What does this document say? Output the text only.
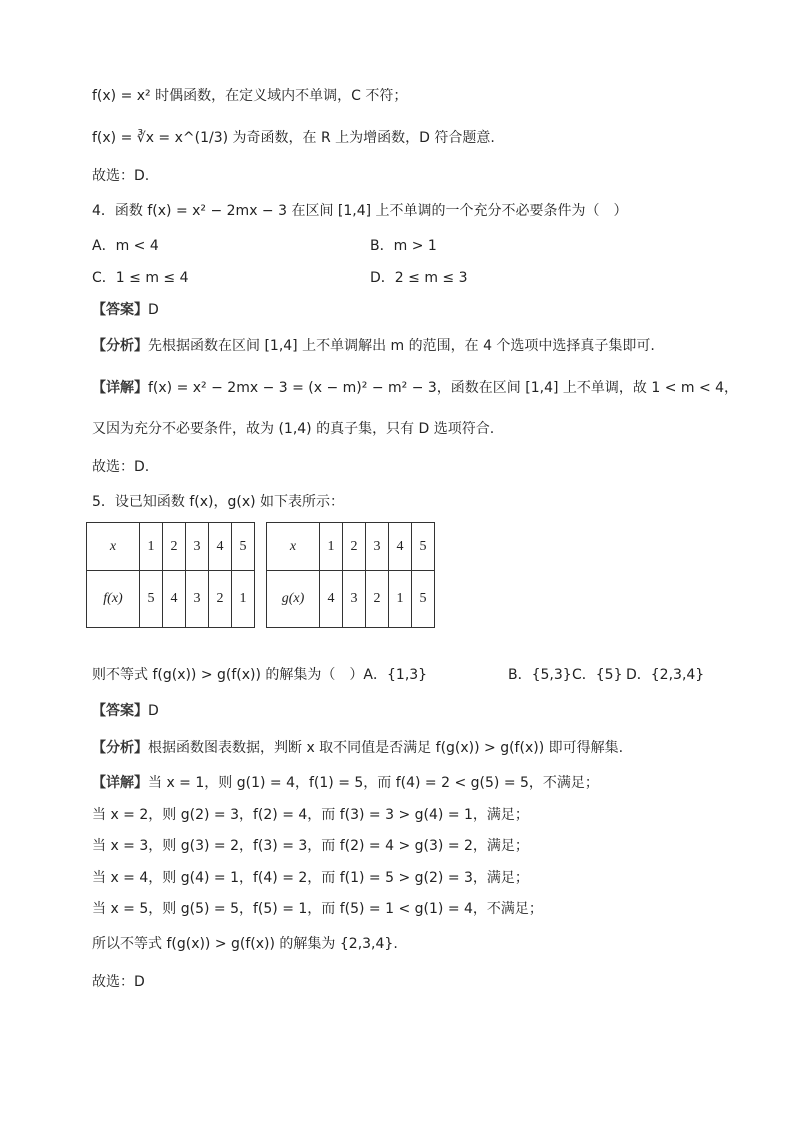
f(x) = x² 时偶函数，在定义域内不单调，C 不符；
f(x) = ∛x = x^(1/3) 为奇函数，在 R 上为增函数，D 符合题意.
故选：D.
4．函数 f(x) = x² − 2mx − 3 在区间 [1,4] 上不单调的一个充分不必要条件为（　）
A．m < 4	B．m > 1
C．1 ≤ m ≤ 4	D．2 ≤ m ≤ 3
【答案】D
【分析】先根据函数在区间 [1,4] 上不单调解出 m 的范围，在 4 个选项中选择真子集即可.
【详解】f(x) = x² − 2mx − 3 = (x − m)² − m² − 3，函数在区间 [1,4] 上不单调，故 1 < m < 4，
又因为充分不必要条件，故为 (1,4) 的真子集，只有 D 选项符合.
故选：D.
5．设已知函数 f(x)，g(x) 如下表所示：
x	1	2	3	4	5
f(x)	5	4	3	2	1
x	1	2	3	4	5
g(x)	4	3	2	1	5
则不等式 f(g(x)) > g(f(x)) 的解集为（　）A．{1,3}	B．{5,3} C．{5} D．{2,3,4}
【答案】D
【分析】根据函数图表数据，判断 x 取不同值是否满足 f(g(x)) > g(f(x)) 即可得解集.
【详解】当 x = 1，则 g(1) = 4，f(1) = 5，而 f(4) = 2 < g(5) = 5，不满足；
当 x = 2，则 g(2) = 3，f(2) = 4，而 f(3) = 3 > g(4) = 1，满足；
当 x = 3，则 g(3) = 2，f(3) = 3，而 f(2) = 4 > g(3) = 2，满足；
当 x = 4，则 g(4) = 1，f(4) = 2，而 f(1) = 5 > g(2) = 3，满足；
当 x = 5，则 g(5) = 5，f(5) = 1，而 f(5) = 1 < g(1) = 4，不满足；
所以不等式 f(g(x)) > g(f(x)) 的解集为 {2,3,4}.
故选：D
